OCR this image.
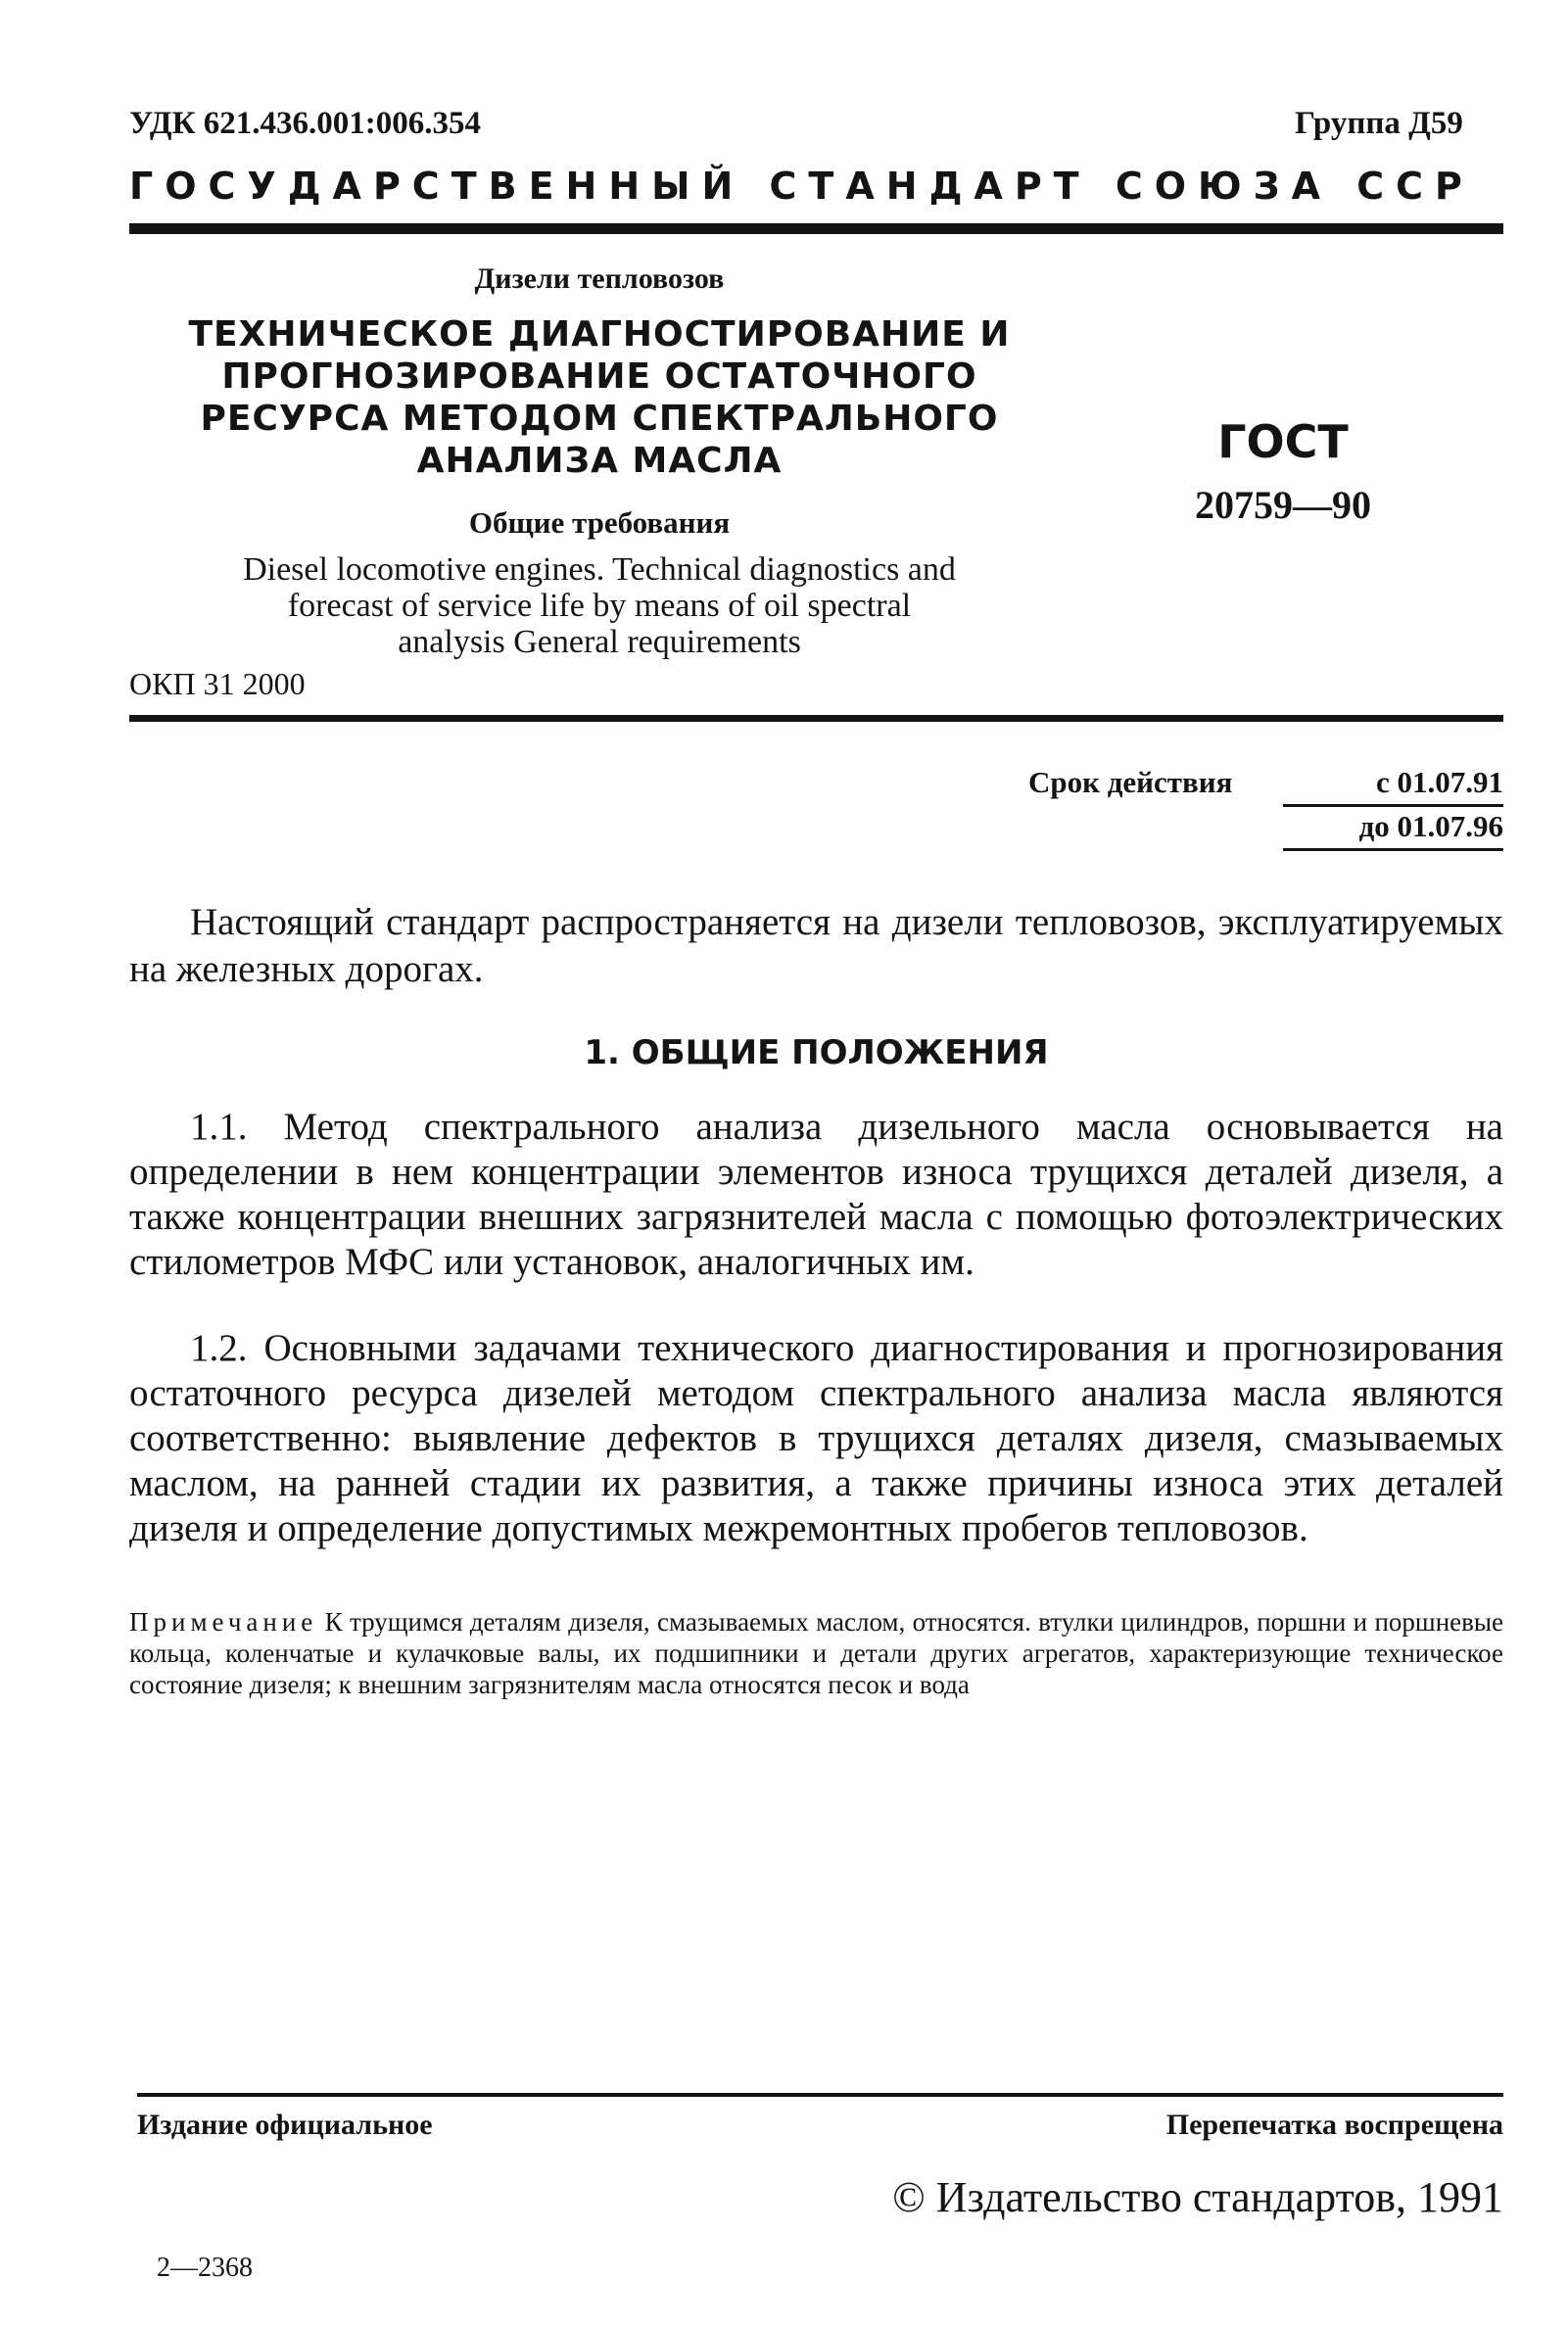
УДК 621.436.001:006.354	Группа Д59
ГОСУДАРСТВЕННЫЙ СТАНДАРТ СОЮЗА ССР
Дизели тепловозов
ТЕХНИЧЕСКОЕ ДИАГНОСТИРОВАНИЕ И
ПРОГНОЗИРОВАНИЕ ОСТАТОЧНОГО
РЕСУРСА МЕТОДОМ СПЕКТРАЛЬНОГО
АНАЛИЗА МАСЛА
Общие требования
Diesel locomotive engines. Technical diagnostics and
forecast of service life by means of oil spectral
analysis General requirements
ОКП 31 2000
ГОСТ
20759—90
Срок действия	с 01.07.91
до 01.07.96

Настоящий стандарт распространяется на дизели тепловозов, эксплуатируемых на железных дорогах.

1. ОБЩИЕ ПОЛОЖЕНИЯ

1.1. Метод спектрального анализа дизельного масла основывается на определении в нем концентрации элементов износа трущихся деталей дизеля, а также концентрации внешних загрязнителей масла с помощью фотоэлектрических стилометров МФС или установок, аналогичных им.

1.2. Основными задачами технического диагностирования и прогнозирования остаточного ресурса дизелей методом спектрального анализа масла являются соответственно: выявление дефектов в трущихся деталях дизеля, смазываемых маслом, на ранней стадии их развития, а также причины износа этих деталей дизеля и определение допустимых межремонтных пробегов тепловозов.

Примечание К трущимся деталям дизеля, смазываемых маслом, относятся. втулки цилиндров, поршни и поршневые кольца, коленчатые и кулачковые валы, их подшипники и детали других агрегатов, характеризующие техническое состояние дизеля; к внешним загрязнителям масла относятся песок и вода
Издание официальное	Перепечатка воспрещена
© Издательство стандартов, 1991
2—2368
